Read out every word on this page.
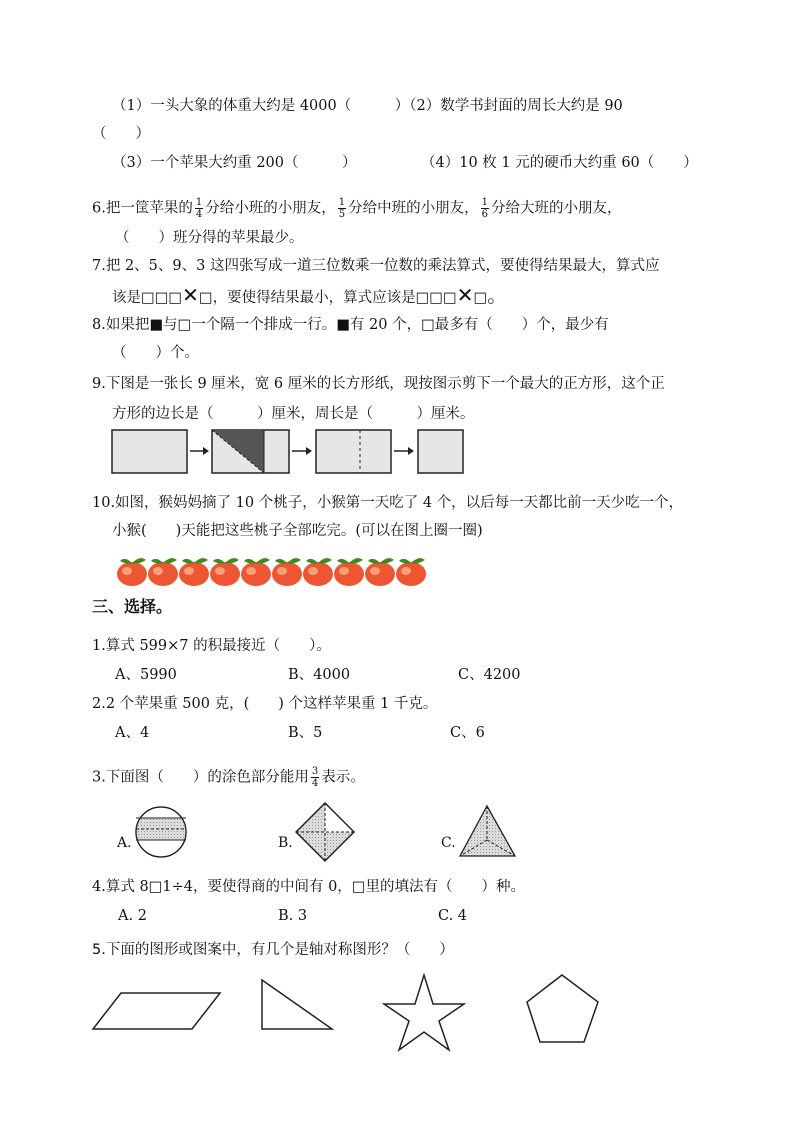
（1）一头大象的体重大约是 4000（　　　）（2）数学书封面的周长大约是 90
（　　）
（3）一个苹果大约重 200（　　　）	（4）10 枚 1 元的硬币大约重 60（　　）
6.把一筐苹果的 $\frac{1}{4}$ 分给小班的小朋友， $\frac{1}{5}$ 分给中班的小朋友， $\frac{1}{6}$ 分给大班的小朋友，
（　　）班分得的苹果最少。
7.把 2、5、9、3 这四张写成一道三位数乘一位数的乘法算式，要使得结果最大，算式应
该是□□□✕□，要使得结果最小，算式应该是□□□✕□。
8.如果把■与□一个隔一个排成一行。■有 20 个，□最多有（　　）个，最少有
（　　）个。
9.下图是一张长 9 厘米，宽 6 厘米的长方形纸，现按图示剪下一个最大的正方形，这个正
方形的边长是（　　　）厘米，周长是（　　　）厘米。
10.如图，猴妈妈摘了 10 个桃子，小猴第一天吃了 4 个，以后每一天都比前一天少吃一个，
小猴(　　)天能把这些桃子全部吃完。(可以在图上圈一圈)
三、选择。
1.算式 599×7 的积最接近（　　）。
A、5990	B、4000	C、4200
2.2 个苹果重 500 克，(　　) 个这样苹果重 1 千克。
A、4	B、5	C、6
3.下面图（　　）的涂色部分能用 $\frac{3}{4}$ 表示。
A.	B.	C.
4.算式 8□1÷4，要使得商的中间有 0，□里的填法有（　　）种。
A. 2	B. 3	C. 4
5.下面的图形或图案中，有几个是轴对称图形？（　　）
